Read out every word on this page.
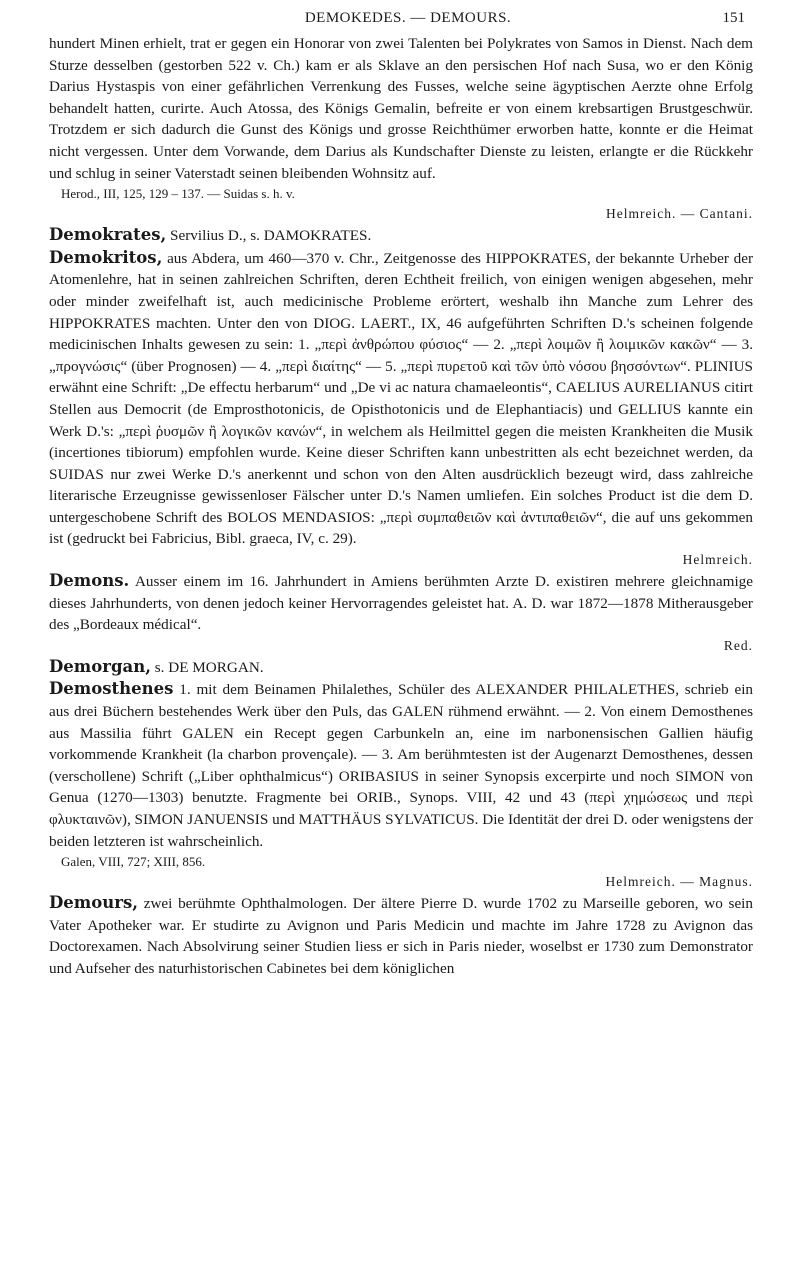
DEMOKEDES. — DEMOURS.	151

hundert Minen erhielt, trat er gegen ein Honorar von zwei Talenten bei Polykrates von Samos in Dienst. Nach dem Sturze desselben (gestorben 522 v. Ch.) kam er als Sklave an den persischen Hof nach Susa, wo er den König Darius Hystaspis von einer gefährlichen Verrenkung des Fusses, welche seine ägyptischen Aerzte ohne Erfolg behandelt hatten, curirte. Auch Atossa, des Königs Gemalin, befreite er von einem krebsartigen Brustgeschwür. Trotzdem er sich dadurch die Gunst des Königs und grosse Reichthümer erworben hatte, konnte er die Heimat nicht vergessen. Unter dem Vorwande, dem Darius als Kundschafter Dienste zu leisten, erlangte er die Rückkehr und schlug in seiner Vaterstadt seinen bleibenden Wohnsitz auf.

Herod., III, 125, 129 – 137. — Suidas s. h. v.
Helmreich. — Cantani.

Demokrates, Servilius D., s. DAMOKRATES.

Demokritos, aus Abdera, um 460—370 v. Chr., Zeitgenosse des HIPPOKRATES, der bekannte Urheber der Atomenlehre, hat in seinen zahlreichen Schriften, deren Echtheit freilich, von einigen wenigen abgesehen, mehr oder minder zweifelhaft ist, auch medicinische Probleme erörtert, weshalb ihn Manche zum Lehrer des HIPPOKRATES machten. Unter den von DIOG. LAERT., IX, 46 aufgeführten Schriften D.'s scheinen folgende medicinischen Inhalts gewesen zu sein: 1. „περὶ ἀνθρώπου φύσιος“ — 2. „περὶ λοιμῶν ἢ λοιμικῶν κακῶν“ — 3. „προγνώσις“ (über Prognosen) — 4. „περὶ διαίτης“ — 5. „περὶ πυρετοῦ καὶ τῶν ὑπὸ νόσου βησσόντων“. PLINIUS erwähnt eine Schrift: „De effectu herbarum“ und „De vi ac natura chamaeleontis“, CAELIUS AURELIANUS citirt Stellen aus Democrit (de Emprosthotonicis, de Opisthotonicis und de Elephantiacis) und GELLIUS kannte ein Werk D.'s: „περὶ ῥυσμῶν ἢ λογικῶν κανών“, in welchem als Heilmittel gegen die meisten Krankheiten die Musik (incertiones tibiorum) empfohlen wurde. Keine dieser Schriften kann unbestritten als echt bezeichnet werden, da SUIDAS nur zwei Werke D.'s anerkennt und schon von den Alten ausdrücklich bezeugt wird, dass zahlreiche literarische Erzeugnisse gewissenloser Fälscher unter D.'s Namen umliefen. Ein solches Product ist die dem D. untergeschobene Schrift des BOLOS MENDASIOS: „περὶ συμπαθειῶν καὶ ἀντιπαθειῶν“, die auf uns gekommen ist (gedruckt bei Fabricius, Bibl. graeca, IV, c. 29).

Helmreich.

Demons. Ausser einem im 16. Jahrhundert in Amiens berühmten Arzte D. existiren mehrere gleichnamige dieses Jahrhunderts, von denen jedoch keiner Hervorragendes geleistet hat. A. D. war 1872—1878 Mitherausgeber des „Bordeaux médical“.

Red.

Demorgan, s. DE MORGAN.

Demosthenes 1. mit dem Beinamen Philalethes, Schüler des ALEXANDER PHILALETHES, schrieb ein aus drei Büchern bestehendes Werk über den Puls, das GALEN rühmend erwähnt. — 2. Von einem Demosthenes aus Massilia führt GALEN ein Recept gegen Carbunkeln an, eine im narbonensischen Gallien häufig vorkommende Krankheit (la charbon provençale). — 3. Am berühmtesten ist der Augenarzt Demosthenes, dessen (verschollene) Schrift („Liber ophthalmicus“) ORIBASIUS in seiner Synopsis excerpirte und noch SIMON von Genua (1270—1303) benutzte. Fragmente bei ORIB., Synops. VIII, 42 und 43 (περὶ χημώσεως und περὶ φλυκταινῶν), SIMON JANUENSIS und MATTHÄUS SYLVATICUS. Die Identität der drei D. oder wenigstens der beiden letzteren ist wahrscheinlich.

Galen, VIII, 727; XIII, 856.
Helmreich. — Magnus.

Demours, zwei berühmte Ophthalmologen. Der ältere Pierre D. wurde 1702 zu Marseille geboren, wo sein Vater Apotheker war. Er studirte zu Avignon und Paris Medicin und machte im Jahre 1728 zu Avignon das Doctorexamen. Nach Absolvirung seiner Studien liess er sich in Paris nieder, woselbst er 1730 zum Demonstrator und Aufseher des naturhistorischen Cabinetes bei dem königlichen
